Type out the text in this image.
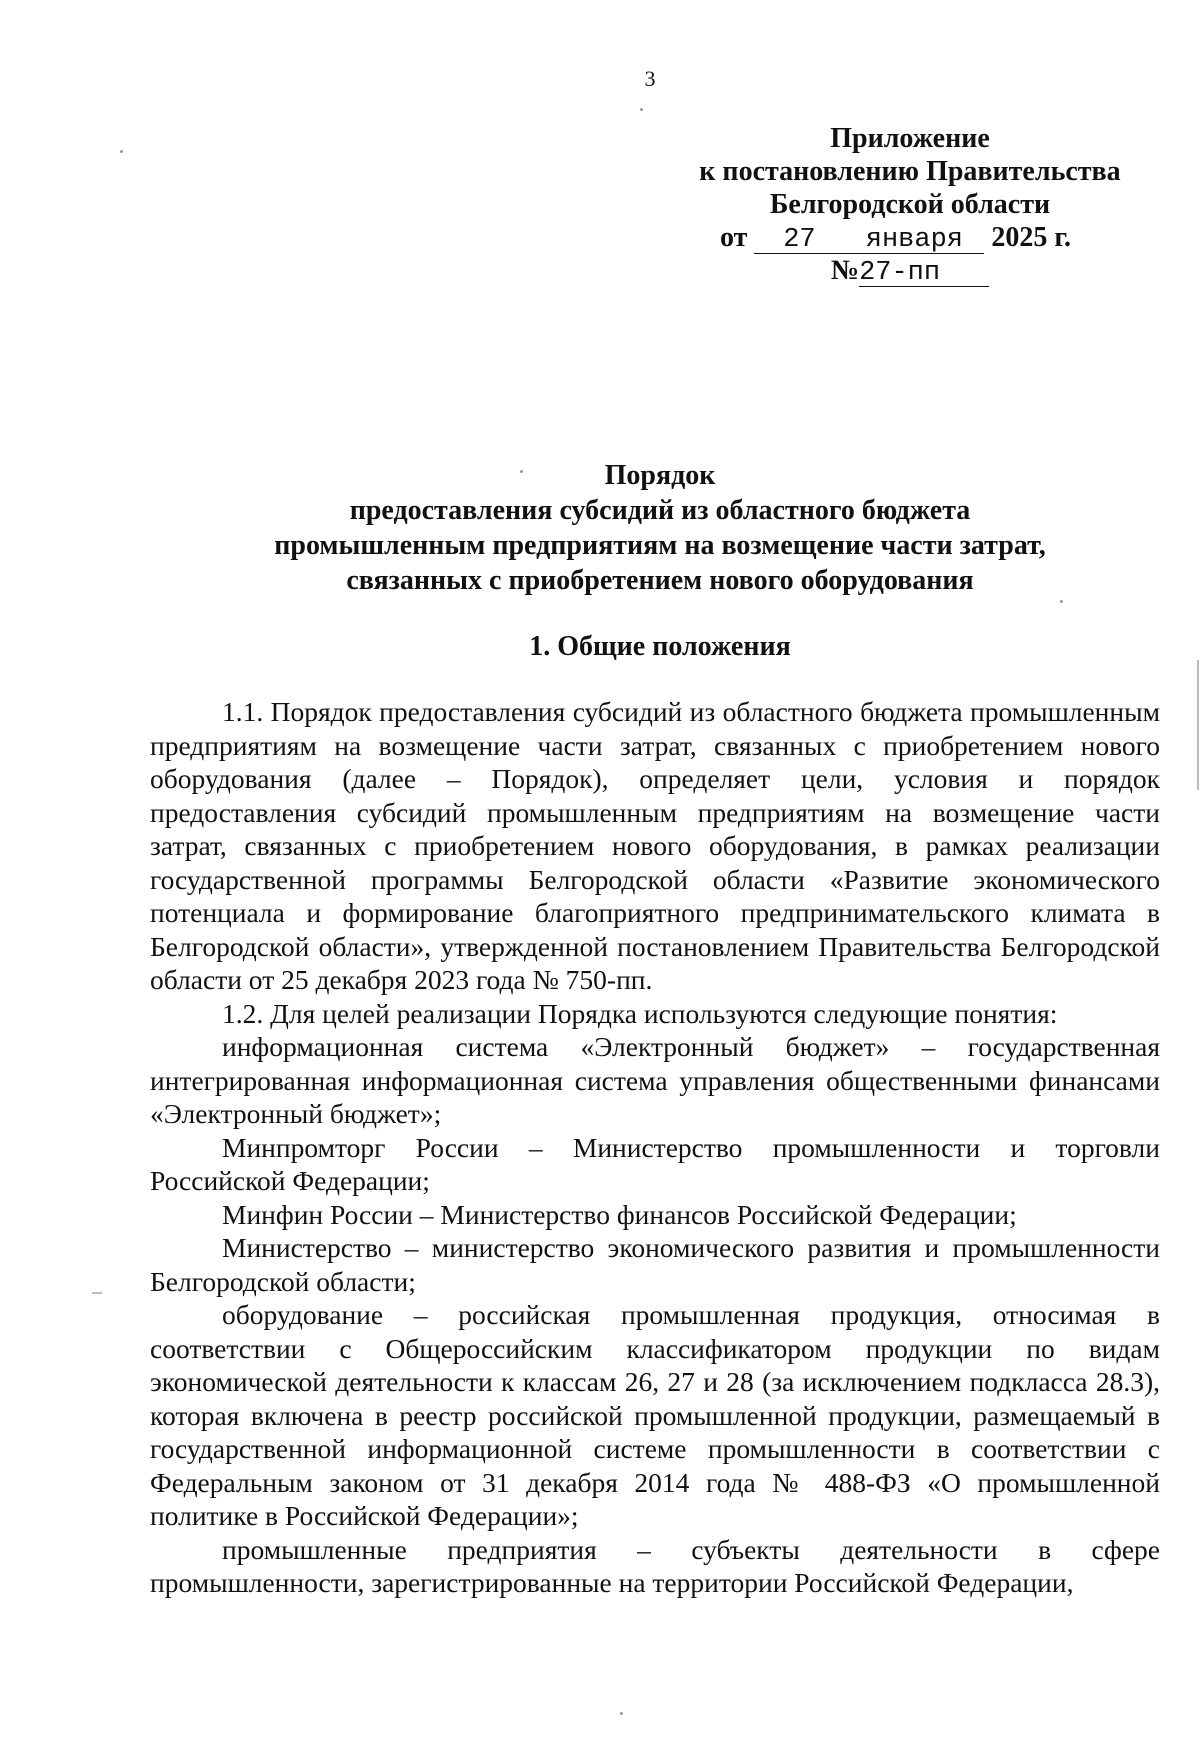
3
Приложение
к постановлению Правительства
Белгородской области
от 27 января 2025 г.
№27-пп
Порядок
предоставления субсидий из областного бюджета
промышленным предприятиям на возмещение части затрат,
связанных с приобретением нового оборудования
1. Общие положения

1.1. Порядок предоставления субсидий из областного бюджета промышленным предприятиям на возмещение части затрат, связанных с приобретением нового оборудования (далее – Порядок), определяет цели, условия и порядок предоставления субсидий промышленным предприятиям на возмещение части затрат, связанных с приобретением нового оборудования, в рамках реализации государственной программы Белгородской области «Развитие экономического потенциала и формирование благоприятного предпринимательского климата в Белгородской области», утвержденной постановлением Правительства Белгородской области от 25 декабря 2023 года № 750-пп.

1.2. Для целей реализации Порядка используются следующие понятия:

информационная система «Электронный бюджет» – государственная интегрированная информационная система управления общественными финансами «Электронный бюджет»;

Минпромторг России – Министерство промышленности и торговли Российской Федерации;

Минфин России – Министерство финансов Российской Федерации;

Министерство – министерство экономического развития и промышленности Белгородской области;

оборудование – российская промышленная продукция, относимая в соответствии с Общероссийским классификатором продукции по видам экономической деятельности к классам 26, 27 и 28 (за исключением подкласса 28.3), которая включена в реестр российской промышленной продукции, размещаемый в государственной информационной системе промышленности в соответствии с Федеральным законом от 31 декабря 2014 года № 488-ФЗ «О промышленной политике в Российской Федерации»;

промышленные предприятия – субъекты деятельности в сфере промышленности, зарегистрированные на территории Российской Федерации,
